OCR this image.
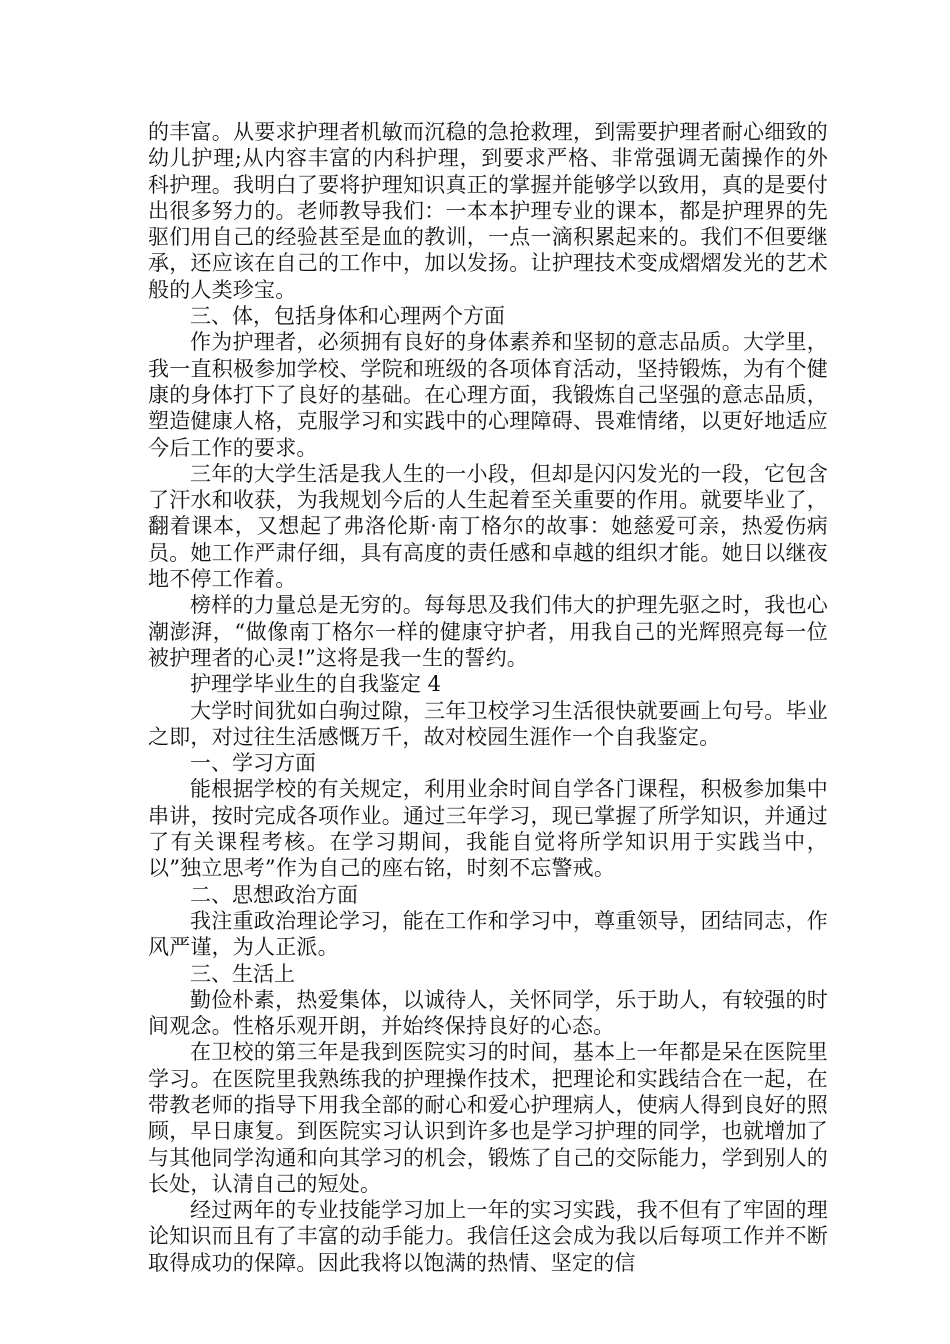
的丰富。从要求护理者机敏而沉稳的急抢救理，到需要护理者耐心细致的幼儿护理;从内容丰富的内科护理，到要求严格、非常强调无菌操作的外科护理。我明白了要将护理知识真正的掌握并能够学以致用，真的是要付出很多努力的。老师教导我们：一本本护理专业的课本，都是护理界的先驱们用自己的经验甚至是血的教训，一点一滴积累起来的。我们不但要继承，还应该在自己的工作中，加以发扬。让护理技术变成熠熠发光的艺术般的人类珍宝。

三、体，包括身体和心理两个方面

作为护理者，必须拥有良好的身体素养和坚韧的意志品质。大学里，我一直积极参加学校、学院和班级的各项体育活动，坚持锻炼，为有个健康的身体打下了良好的基础。在心理方面，我锻炼自己坚强的意志品质，塑造健康人格，克服学习和实践中的心理障碍、畏难情绪，以更好地适应今后工作的要求。

三年的大学生活是我人生的一小段，但却是闪闪发光的一段，它包含了汗水和收获，为我规划今后的人生起着至关重要的作用。就要毕业了，翻着课本，又想起了弗洛伦斯·南丁格尔的故事：她慈爱可亲，热爱伤病员。她工作严肃仔细，具有高度的责任感和卓越的组织才能。她日以继夜地不停工作着。

榜样的力量总是无穷的。每每思及我们伟大的护理先驱之时，我也心潮澎湃，“做像南丁格尔一样的健康守护者，用我自己的光辉照亮每一位被护理者的心灵!”这将是我一生的誓约。

护理学毕业生的自我鉴定 4

大学时间犹如白驹过隙，三年卫校学习生活很快就要画上句号。毕业之即，对过往生活感慨万千，故对校园生涯作一个自我鉴定。

一、学习方面

能根据学校的有关规定，利用业余时间自学各门课程，积极参加集中串讲，按时完成各项作业。通过三年学习，现已掌握了所学知识，并通过了有关课程考核。在学习期间，我能自觉将所学知识用于实践当中，以”独立思考”作为自己的座右铭，时刻不忘警戒。

二、思想政治方面

我注重政治理论学习，能在工作和学习中，尊重领导，团结同志，作风严谨，为人正派。

三、生活上

勤俭朴素，热爱集体，以诚待人，关怀同学，乐于助人，有较强的时间观念。性格乐观开朗，并始终保持良好的心态。

在卫校的第三年是我到医院实习的时间，基本上一年都是呆在医院里学习。在医院里我熟练我的护理操作技术，把理论和实践结合在一起，在带教老师的指导下用我全部的耐心和爱心护理病人，使病人得到良好的照顾，早日康复。到医院实习认识到许多也是学习护理的同学，也就增加了与其他同学沟通和向其学习的机会，锻炼了自己的交际能力，学到别人的长处，认清自己的短处。

经过两年的专业技能学习加上一年的实习实践，我不但有了牢固的理论知识而且有了丰富的动手能力。我信任这会成为我以后每项工作并不断取得成功的保障。因此我将以饱满的热情、坚定的信
